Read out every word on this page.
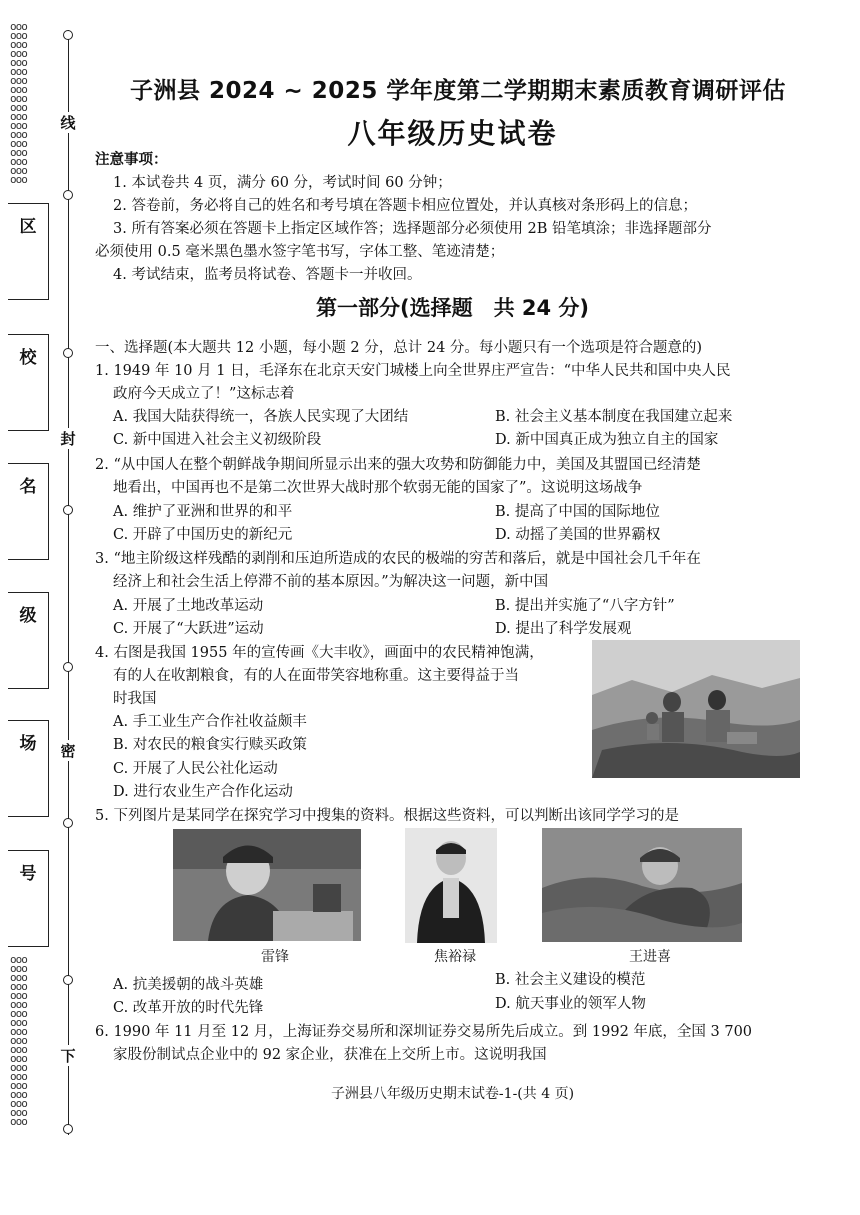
ooo
ooo
ooo
ooo
ooo
ooo
ooo
ooo
ooo
ooo
ooo
ooo
ooo
ooo
ooo
ooo
ooo
ooo
ooo
ooo
ooo
ooo
ooo
ooo
ooo
ooo
ooo
ooo
ooo
ooo
ooo
ooo
ooo
ooo
ooo
ooo
ooo
区
校
名
级
场
号
线
封
密
下
子洲县 2024 ~ 2025 学年度第二学期期末素质教育调研评估
八年级历史试卷
注意事项：
1. 本试卷共 4 页，满分 60 分，考试时间 60 分钟；
2. 答卷前，务必将自己的姓名和考号填在答题卡相应位置处，并认真核对条形码上的信息；
3. 所有答案必须在答题卡上指定区域作答；选择题部分必须使用 2B 铅笔填涂；非选择题部分
必须使用 0.5 毫米黑色墨水签字笔书写，字体工整、笔迹清楚；
4. 考试结束，监考员将试卷、答题卡一并收回。
第一部分(选择题　共 24 分)
一、选择题(本大题共 12 小题，每小题 2 分，总计 24 分。每小题只有一个选项是符合题意的)
1. 1949 年 10 月 1 日，毛泽东在北京天安门城楼上向全世界庄严宣告：“中华人民共和国中央人民
政府今天成立了！”这标志着
A. 我国大陆获得统一，各族人民实现了大团结	B. 社会主义基本制度在我国建立起来
C. 新中国进入社会主义初级阶段	D. 新中国真正成为独立自主的国家
2. “从中国人在整个朝鲜战争期间所显示出来的强大攻势和防御能力中，美国及其盟国已经清楚
地看出，中国再也不是第二次世界大战时那个软弱无能的国家了”。这说明这场战争
A. 维护了亚洲和世界的和平	B. 提高了中国的国际地位
C. 开辟了中国历史的新纪元	D. 动摇了美国的世界霸权
3. “地主阶级这样残酷的剥削和压迫所造成的农民的极端的穷苦和落后，就是中国社会几千年在
经济上和社会生活上停滞不前的基本原因。”为解决这一问题，新中国
A. 开展了土地改革运动	B. 提出并实施了“八字方针”
C. 开展了“大跃进”运动	D. 提出了科学发展观
4. 右图是我国 1955 年的宣传画《大丰收》，画面中的农民精神饱满，
有的人在收割粮食，有的人在面带笑容地称重。这主要得益于当
时我国
A. 手工业生产合作社收益颇丰
B. 对农民的粮食实行赎买政策
C. 开展了人民公社化运动
D. 进行农业生产合作化运动
5. 下列图片是某同学在探究学习中搜集的资料。根据这些资料，可以判断出该同学学习的是
雷锋	焦裕禄	王进喜
A. 抗美援朝的战斗英雄	B. 社会主义建设的模范
C. 改革开放的时代先锋	D. 航天事业的领军人物
6. 1990 年 11 月至 12 月，上海证券交易所和深圳证券交易所先后成立。到 1992 年底，全国 3 700
家股份制试点企业中的 92 家企业，获准在上交所上市。这说明我国
子洲县八年级历史期末试卷-1-(共 4 页)
